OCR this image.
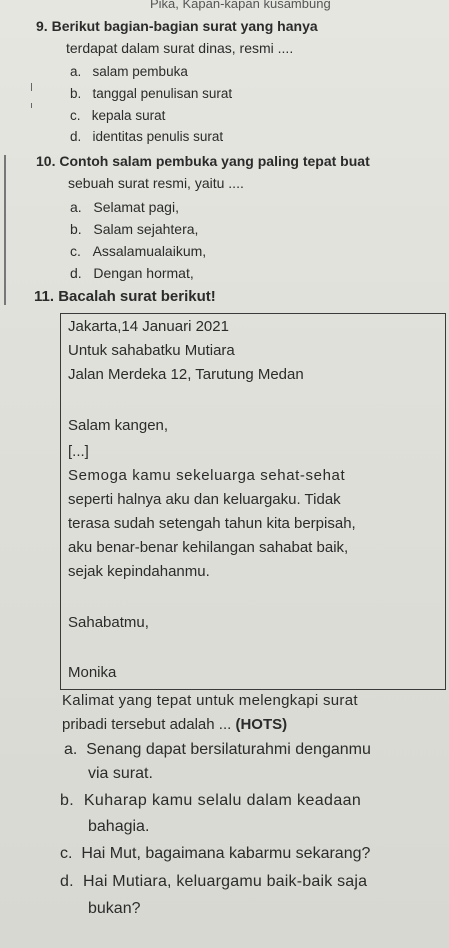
Pika, Kapan-kapan kusambung
9. Berikut bagian-bagian surat yang hanya
terdapat dalam surat dinas, resmi ....
a. salam pembuka
b. tanggal penulisan surat
c. kepala surat
d. identitas penulis surat
10. Contoh salam pembuka yang paling tepat buat
sebuah surat resmi, yaitu ....
a. Selamat pagi,
b. Salam sejahtera,
c. Assalamualaikum,
d. Dengan hormat,
11. Bacalah surat berikut!
Jakarta,14 Januari 2021
Untuk sahabatku Mutiara
Jalan Merdeka 12, Tarutung Medan
Salam kangen,
[...]
Semoga kamu sekeluarga sehat-sehat
seperti halnya aku dan keluargaku. Tidak
terasa sudah setengah tahun kita berpisah,
aku benar-benar kehilangan sahabat baik,
sejak kepindahanmu.
Sahabatmu,
Monika
Kalimat yang tepat untuk melengkapi surat
pribadi tersebut adalah ... (HOTS)
a. Senang dapat bersilaturahmi denganmu
via surat.
b. Kuharap kamu selalu dalam keadaan
bahagia.
c. Hai Mut, bagaimana kabarmu sekarang?
d. Hai Mutiara, keluargamu baik-baik saja
bukan?
